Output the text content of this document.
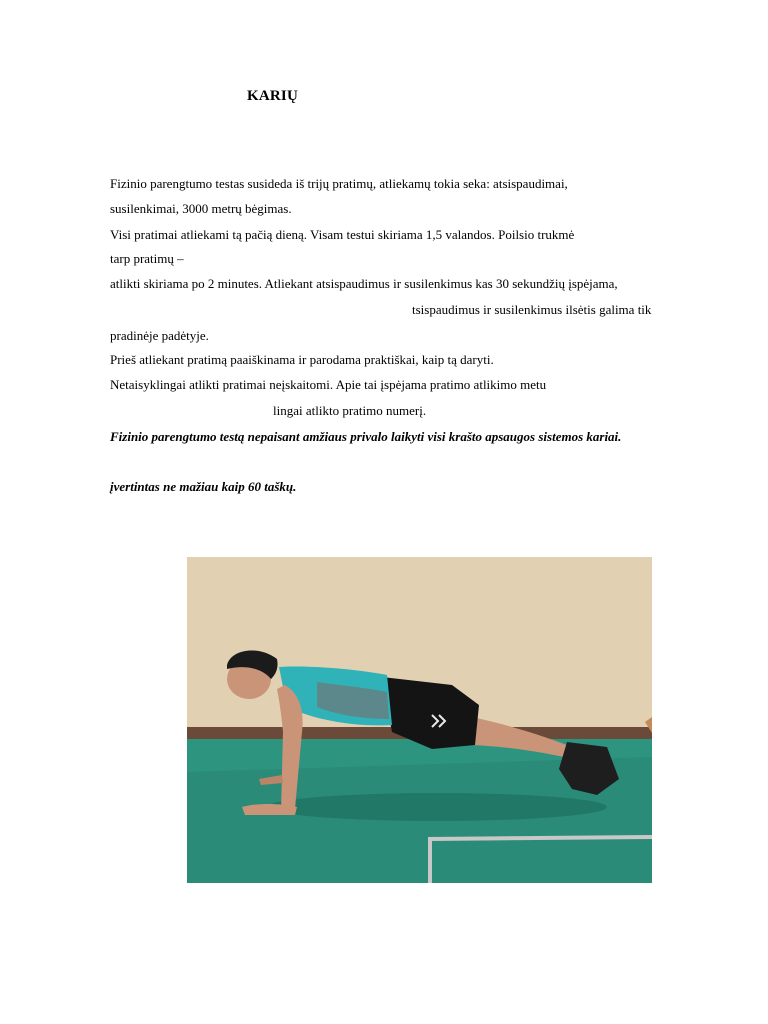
KARIŲ
Fizinio parengtumo testas susideda iš trijų pratimų, atliekamų tokia seka: atsispaudimai,
susilenkimai, 3000 metrų bėgimas.
Visi pratimai atliekami tą pačią dieną. Visam testui skiriama 1,5 valandos. Poilsio trukmė
tarp pratimų –
atlikti skiriama po 2 minutes. Atliekant atsispaudimus ir susilenkimus kas 30 sekundžių įspėjama,
tsispaudimus ir susilenkimus ilsėtis galima tik
pradinėje padėtyje.
Prieš atliekant pratimą paaiškinama ir parodama praktiškai, kaip tą daryti.
Netaisyklingai atlikti pratimai neįskaitomi. Apie tai įspėjama pratimo atlikimo metu
lingai atlikto pratimo numerį.
Fizinio parengtumo testą nepaisant amžiaus privalo laikyti visi krašto apsaugos sistemos kariai.
įvertintas ne mažiau kaip 60 taškų.
